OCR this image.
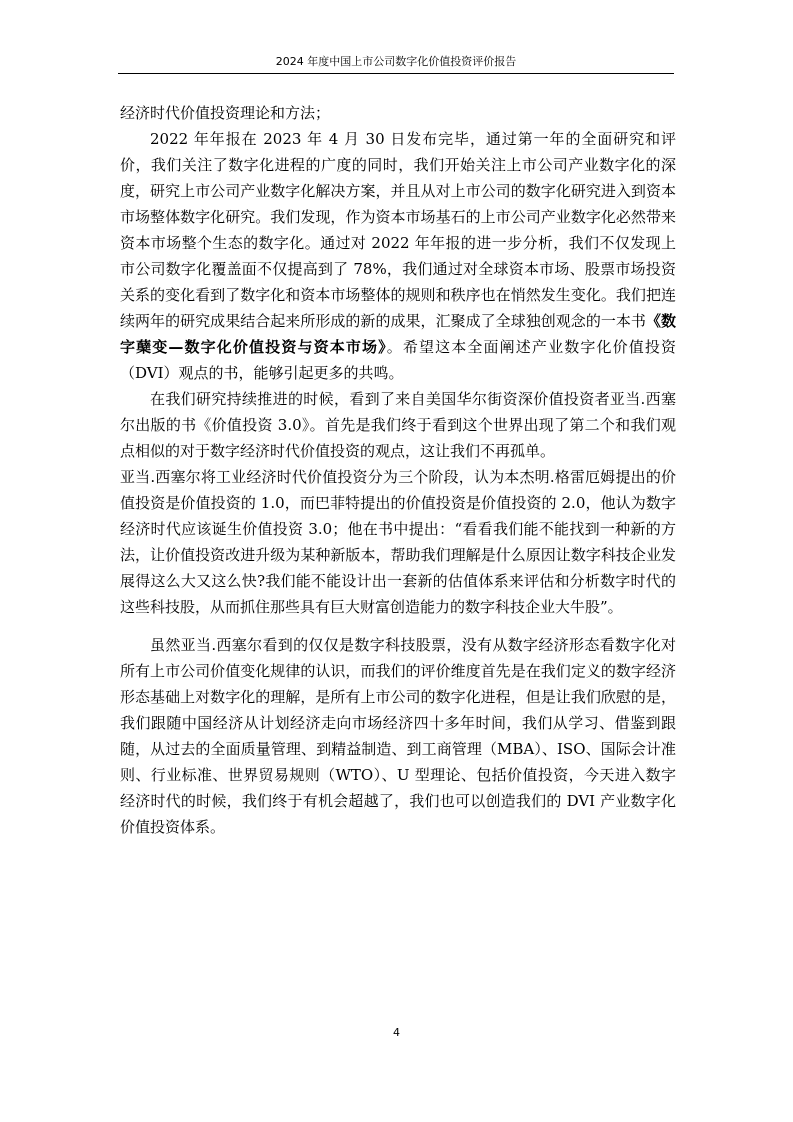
2024 年度中国上市公司数字化价值投资评价报告

经济时代价值投资理论和方法；

2022 年年报在 2023 年 4 月 30 日发布完毕，通过第一年的全面研究和评价，我们关注了数字化进程的广度的同时，我们开始关注上市公司产业数字化的深度，研究上市公司产业数字化解决方案，并且从对上市公司的数字化研究进入到资本市场整体数字化研究。我们发现，作为资本市场基石的上市公司产业数字化必然带来资本市场整个生态的数字化。通过对 2022 年年报的进一步分析，我们不仅发现上市公司数字化覆盖面不仅提高到了 78%，我们通过对全球资本市场、股票市场投资关系的变化看到了数字化和资本市场整体的规则和秩序也在悄然发生变化。我们把连续两年的研究成果结合起来所形成的新的成果，汇聚成了全球独创观念的一本书《数字蘖变—数字化价值投资与资本市场》。希望这本全面阐述产业数字化价值投资（DVI）观点的书，能够引起更多的共鸣。

在我们研究持续推进的时候，看到了来自美国华尔街资深价值投资者亚当.西塞尔出版的书《价值投资 3.0》。首先是我们终于看到这个世界出现了第二个和我们观点相似的对于数字经济时代价值投资的观点，这让我们不再孤单。

亚当.西塞尔将工业经济时代价值投资分为三个阶段，认为本杰明.格雷厄姆提出的价值投资是价值投资的 1.0，而巴菲特提出的价值投资是价值投资的 2.0，他认为数字经济时代应该诞生价值投资 3.0；他在书中提出：“看看我们能不能找到一种新的方法，让价值投资改进升级为某种新版本，帮助我们理解是什么原因让数字科技企业发展得这么大又这么快?我们能不能设计出一套新的估值体系来评估和分析数字时代的这些科技股，从而抓住那些具有巨大财富创造能力的数字科技企业大牛股”。

虽然亚当.西塞尔看到的仅仅是数字科技股票，没有从数字经济形态看数字化对所有上市公司价值变化规律的认识，而我们的评价维度首先是在我们定义的数字经济形态基础上对数字化的理解，是所有上市公司的数字化进程，但是让我们欣慰的是，我们跟随中国经济从计划经济走向市场经济四十多年时间，我们从学习、借鉴到跟随，从过去的全面质量管理、到精益制造、到工商管理（MBA）、ISO、国际会计准则、行业标准、世界贸易规则（WTO）、U 型理论、包括价值投资，今天进入数字经济时代的时候，我们终于有机会超越了，我们也可以创造我们的 DVI 产业数字化价值投资体系。

4
